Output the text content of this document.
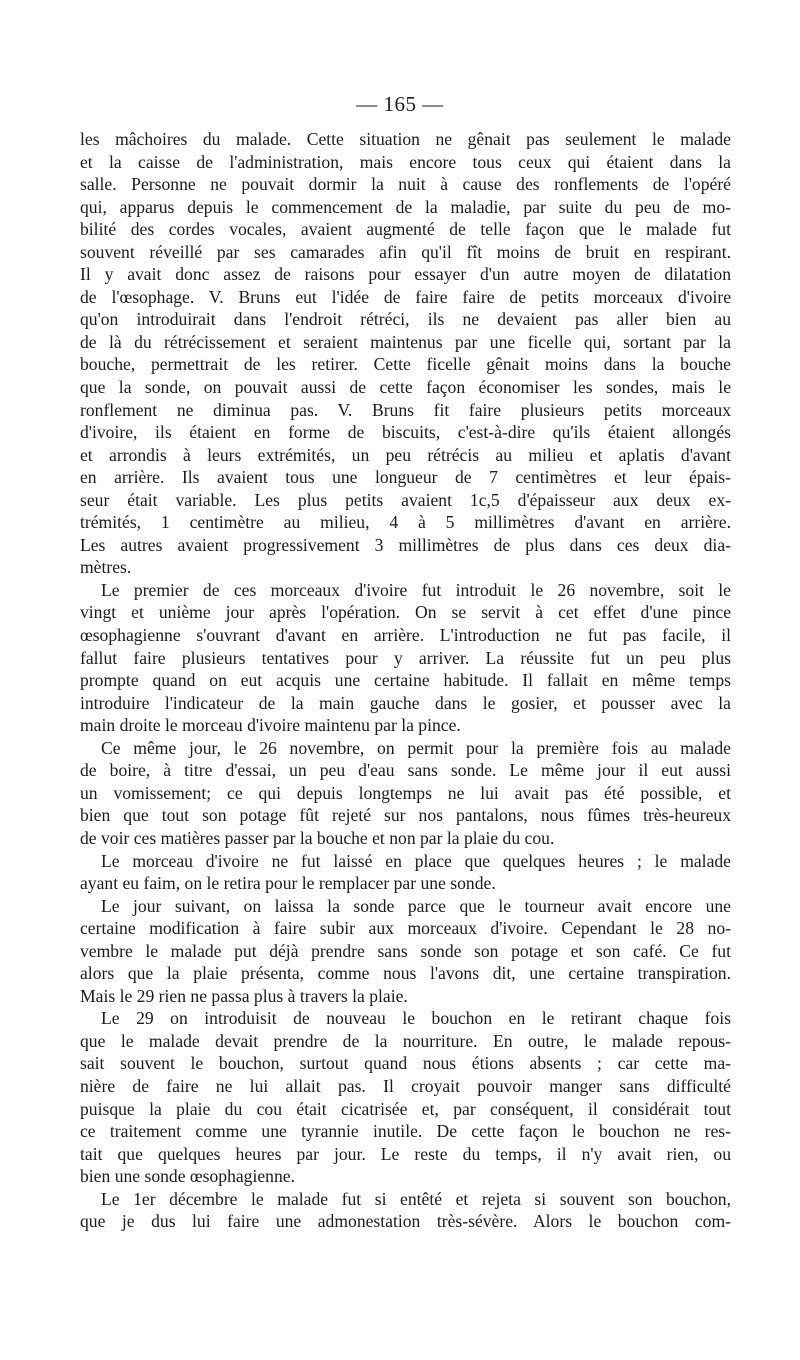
— 165 —
les mâchoires du malade. Cette situation ne gênait pas seulement le malade
et la caisse de l'administration, mais encore tous ceux qui étaient dans la
salle. Personne ne pouvait dormir la nuit à cause des ronflements de l'opéré
qui, apparus depuis le commencement de la maladie, par suite du peu de mo-
bilité des cordes vocales, avaient augmenté de telle façon que le malade fut
souvent réveillé par ses camarades afin qu'il fît moins de bruit en respirant.
Il y avait donc assez de raisons pour essayer d'un autre moyen de dilatation
de l'œsophage. V. Bruns eut l'idée de faire faire de petits morceaux d'ivoire
qu'on introduirait dans l'endroit rétréci, ils ne devaient pas aller bien au
de là du rétrécissement et seraient maintenus par une ficelle qui, sortant par la
bouche, permettrait de les retirer. Cette ficelle gênait moins dans la bouche
que la sonde, on pouvait aussi de cette façon économiser les sondes, mais le
ronflement ne diminua pas. V. Bruns fit faire plusieurs petits morceaux
d'ivoire, ils étaient en forme de biscuits, c'est-à-dire qu'ils étaient allongés
et arrondis à leurs extrémités, un peu rétrécis au milieu et aplatis d'avant
en arrière. Ils avaient tous une longueur de 7 centimètres et leur épais-
seur était variable. Les plus petits avaient 1c,5 d'épaisseur aux deux ex-
trémités, 1 centimètre au milieu, 4 à 5 millimètres d'avant en arrière.
Les autres avaient progressivement 3 millimètres de plus dans ces deux dia-
mètres.
Le premier de ces morceaux d'ivoire fut introduit le 26 novembre, soit le
vingt et unième jour après l'opération. On se servit à cet effet d'une pince
œsophagienne s'ouvrant d'avant en arrière. L'introduction ne fut pas facile, il
fallut faire plusieurs tentatives pour y arriver. La réussite fut un peu plus
prompte quand on eut acquis une certaine habitude. Il fallait en même temps
introduire l'indicateur de la main gauche dans le gosier, et pousser avec la
main droite le morceau d'ivoire maintenu par la pince.
Ce même jour, le 26 novembre, on permit pour la première fois au malade
de boire, à titre d'essai, un peu d'eau sans sonde. Le même jour il eut aussi
un vomissement; ce qui depuis longtemps ne lui avait pas été possible, et
bien que tout son potage fût rejeté sur nos pantalons, nous fûmes très-heureux
de voir ces matières passer par la bouche et non par la plaie du cou.
Le morceau d'ivoire ne fut laissé en place que quelques heures ; le malade
ayant eu faim, on le retira pour le remplacer par une sonde.
Le jour suivant, on laissa la sonde parce que le tourneur avait encore une
certaine modification à faire subir aux morceaux d'ivoire. Cependant le 28 no-
vembre le malade put déjà prendre sans sonde son potage et son café. Ce fut
alors que la plaie présenta, comme nous l'avons dit, une certaine transpiration.
Mais le 29 rien ne passa plus à travers la plaie.
Le 29 on introduisit de nouveau le bouchon en le retirant chaque fois
que le malade devait prendre de la nourriture. En outre, le malade repous-
sait souvent le bouchon, surtout quand nous étions absents ; car cette ma-
nière de faire ne lui allait pas. Il croyait pouvoir manger sans difficulté
puisque la plaie du cou était cicatrisée et, par conséquent, il considérait tout
ce traitement comme une tyrannie inutile. De cette façon le bouchon ne res-
tait que quelques heures par jour. Le reste du temps, il n'y avait rien, ou
bien une sonde œsophagienne.
Le 1er décembre le malade fut si entêté et rejeta si souvent son bouchon,
que je dus lui faire une admonestation très-sévère. Alors le bouchon com-
